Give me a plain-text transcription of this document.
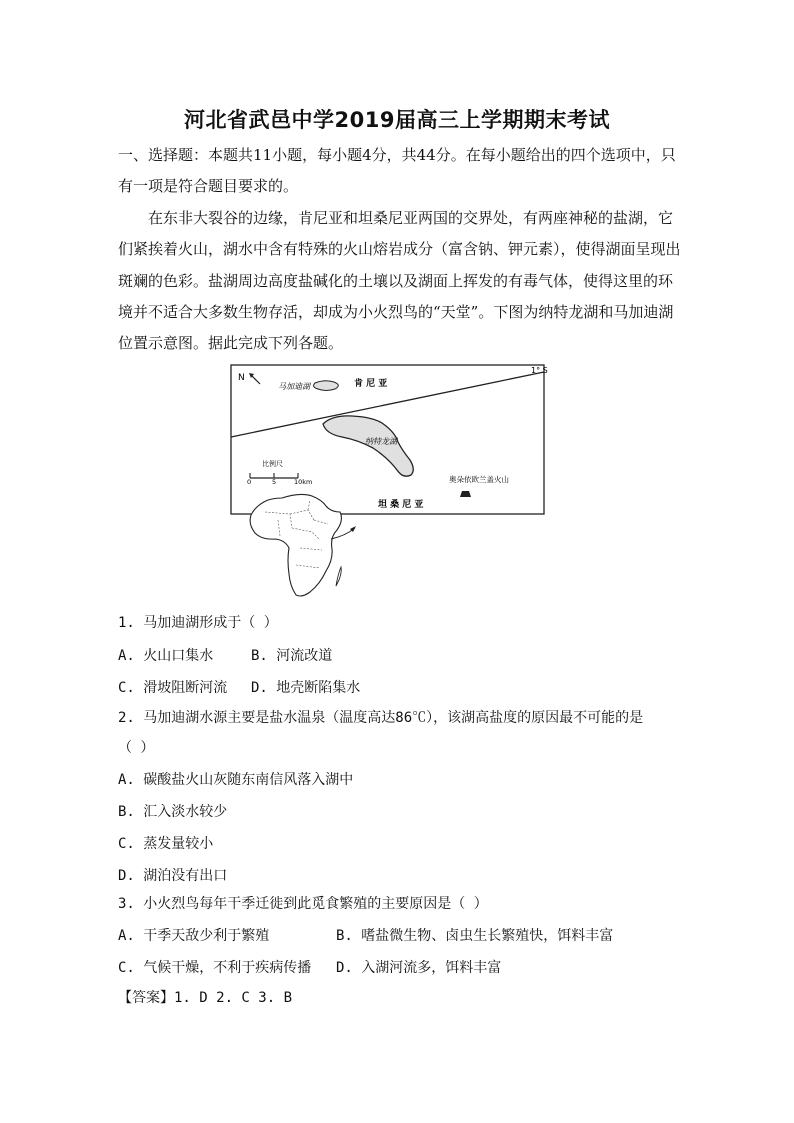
河北省武邑中学2019届高三上学期期末考试
一、选择题：本题共11小题，每小题4分，共44分。在每小题给出的四个选项中，只有一项是符合题目要求的。
在东非大裂谷的边缘，肯尼亚和坦桑尼亚两国的交界处，有两座神秘的盐湖，它们紧挨着火山，湖水中含有特殊的火山熔岩成分（富含钠、钾元素），使得湖面呈现出斑斓的色彩。盐湖周边高度盐碱化的土壤以及湖面上挥发的有毒气体，使得这里的环境并不适合大多数生物存活，却成为小火烈鸟的“天堂”。下图为纳特龙湖和马加迪湖位置示意图。据此完成下列各题。
N
马加迪湖	肯 尼 亚
1° S
纳特龙湖
比例尺
0	5	10km	奥朵依欧兰盖火山
坦 桑 尼 亚
1. 马加迪湖形成于（ ）
A. 火山口集水	B. 河流改道
C. 滑坡阻断河流 D. 地壳断陷集水
2. 马加迪湖水源主要是盐水温泉（温度高达86℃），该湖高盐度的原因最不可能的是
（ ）
A. 碳酸盐火山灰随东南信风落入湖中
B. 汇入淡水较少
C. 蒸发量较小
D. 湖泊没有出口
3. 小火烈鸟每年干季迁徙到此觅食繁殖的主要原因是（ ）
A. 干季天敌少利于繁殖	B. 嗜盐微生物、卤虫生长繁殖快，饵料丰富
C. 气候干燥，不利于疾病传播 D. 入湖河流多，饵料丰富
【答案】1. D 2. C 3. B
